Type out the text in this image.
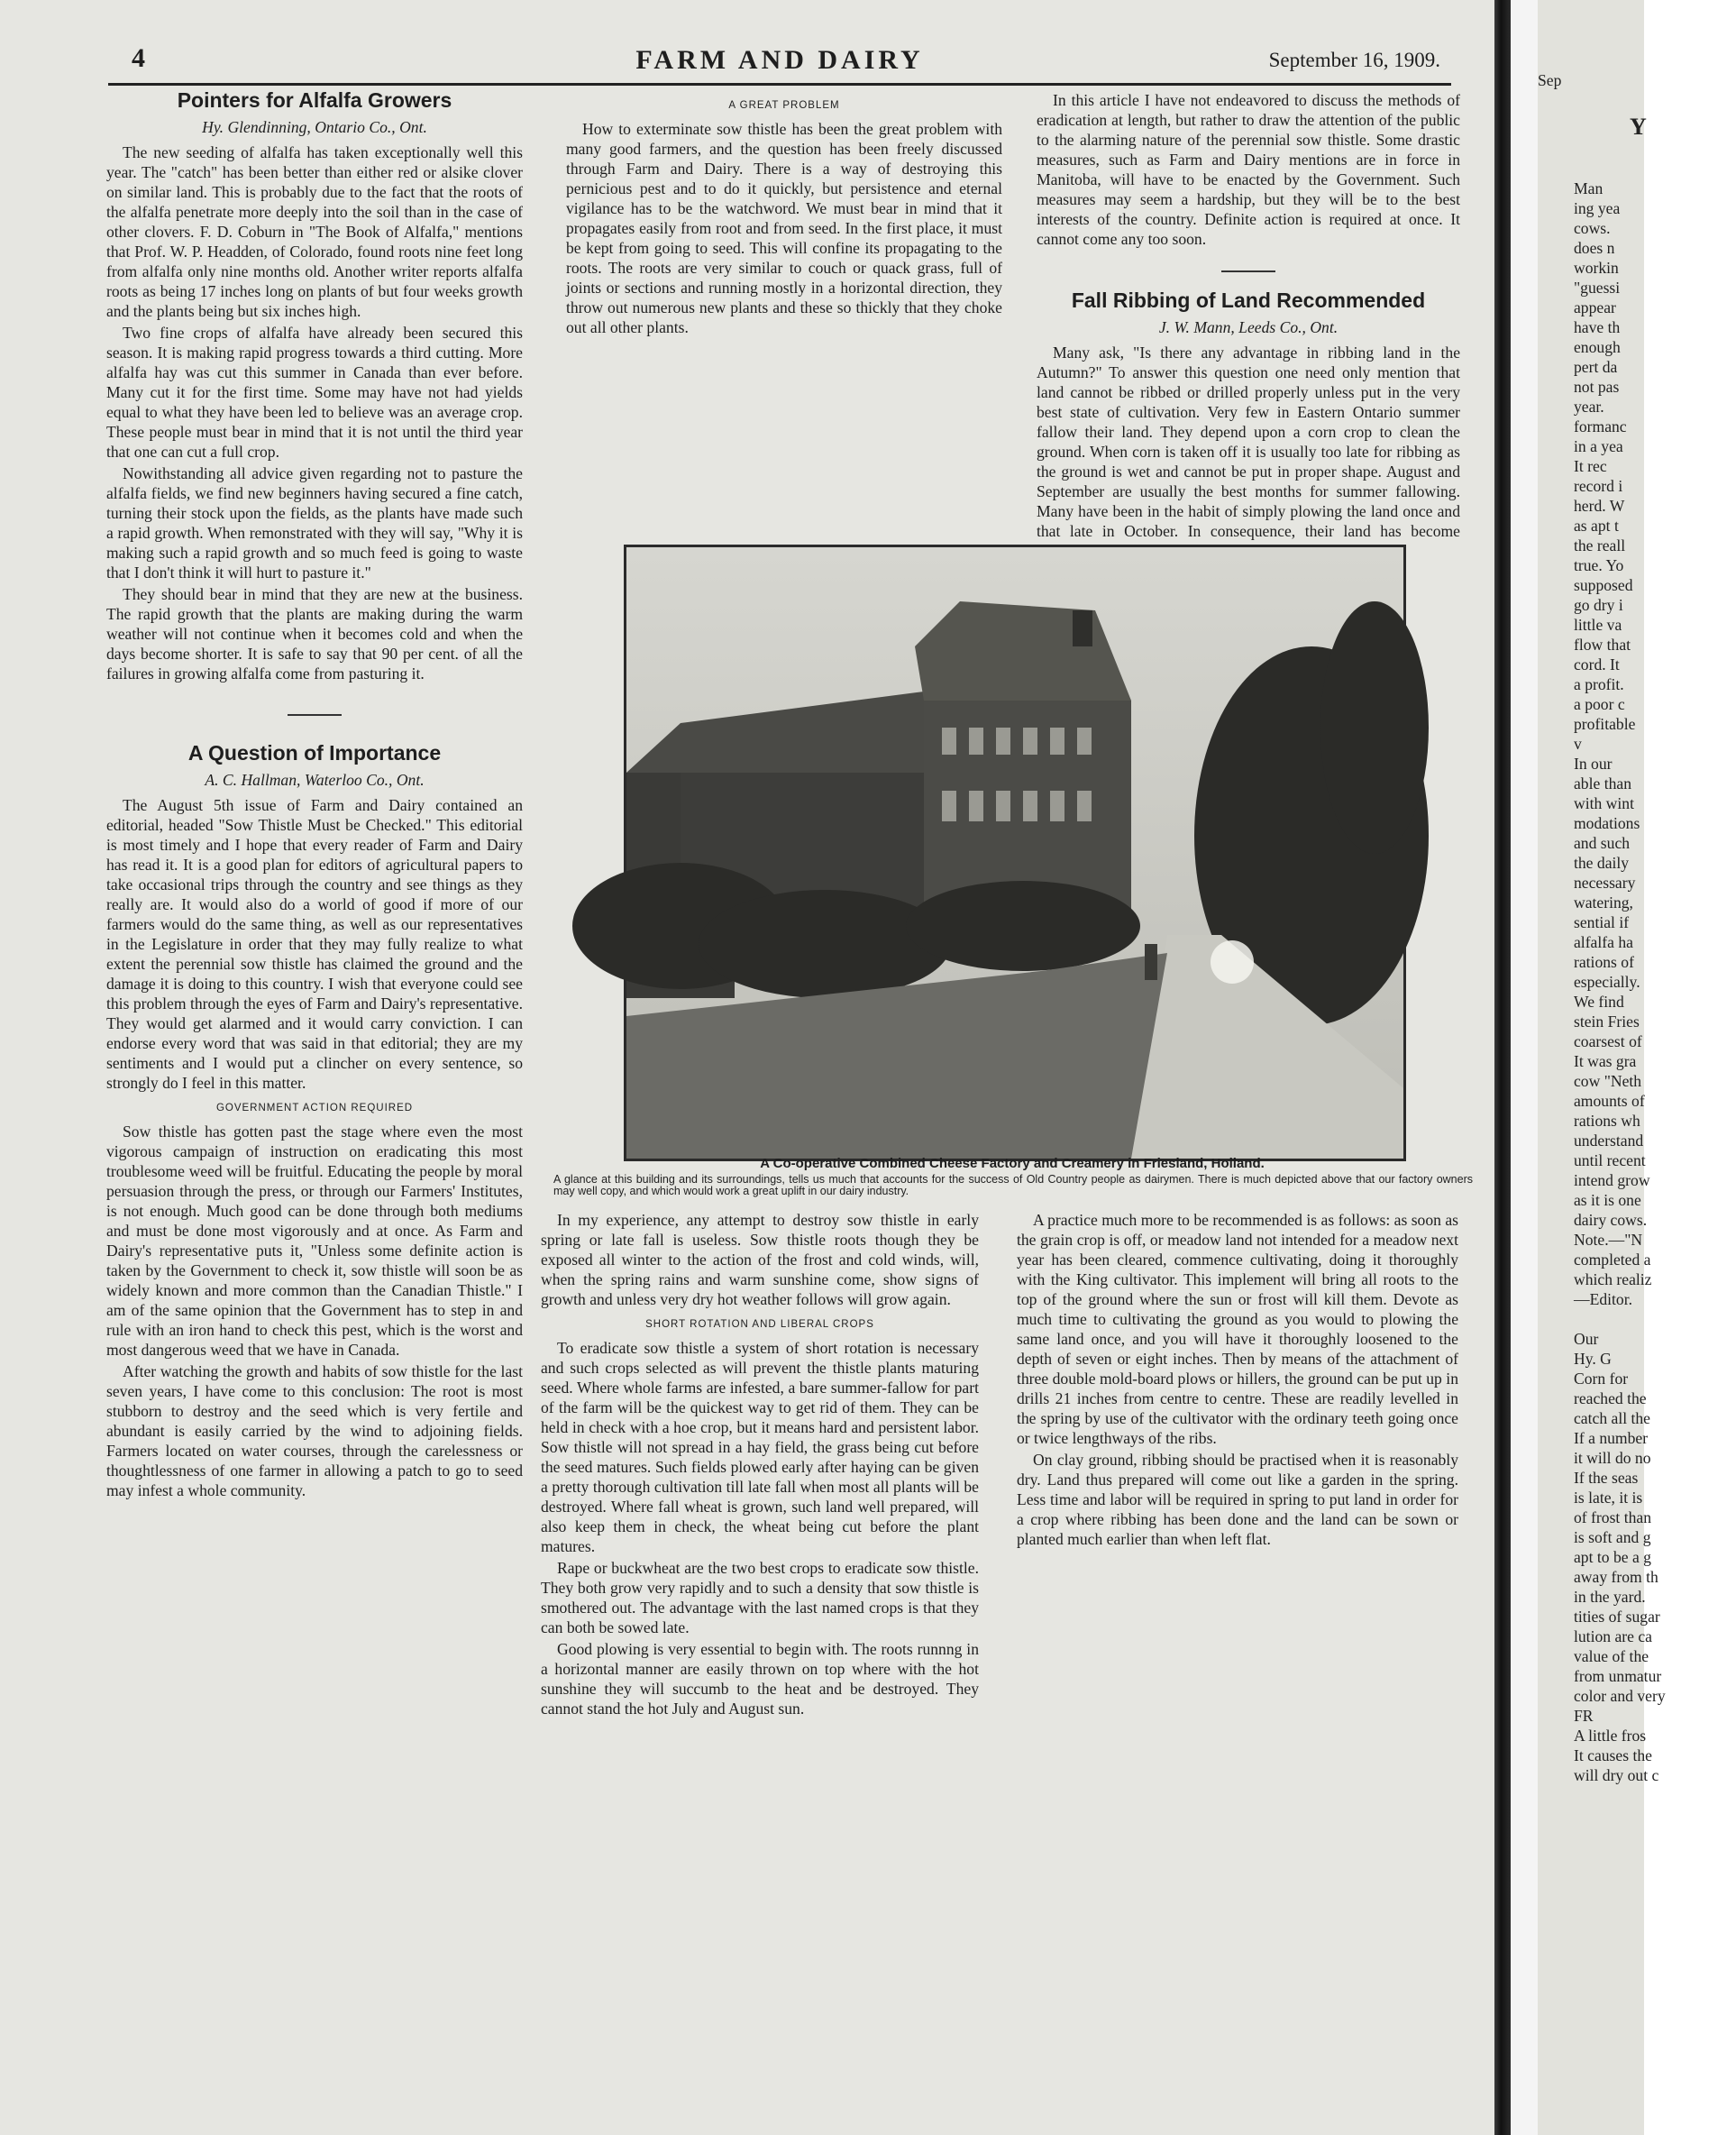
4	FARM AND DAIRY	September 16, 1909.
Pointers for Alfalfa Growers
Hy. Glendinning, Ontario Co., Ont.

The new seeding of alfalfa has taken exceptionally well this year. The "catch" has been better than either red or alsike clover on similar land. This is probably due to the fact that the roots of the alfalfa penetrate more deeply into the soil than in the case of other clovers. F. D. Coburn in "The Book of Alfalfa," mentions that Prof. W. P. Headden, of Colorado, found roots nine feet long from alfalfa only nine months old. Another writer reports alfalfa roots as being 17 inches long on plants of but four weeks growth and the plants being but six inches high.

Two fine crops of alfalfa have already been secured this season. It is making rapid progress towards a third cutting. More alfalfa hay was cut this summer in Canada than ever before. Many cut it for the first time. Some may have not had yields equal to what they have been led to believe was an average crop. These people must bear in mind that it is not until the third year that one can cut a full crop.

Nowithstanding all advice given regarding not to pasture the alfalfa fields, we find new beginners having secured a fine catch, turning their stock upon the fields, as the plants have made such a rapid growth. When remonstrated with they will say, "Why it is making such a rapid growth and so much feed is going to waste that I don't think it will hurt to pasture it."

They should bear in mind that they are new at the business. The rapid growth that the plants are making during the warm weather will not continue when it becomes cold and when the days become shorter. It is safe to say that 90 per cent. of all the failures in growing alfalfa come from pasturing it.

A Question of Importance
A. C. Hallman, Waterloo Co., Ont.

The August 5th issue of Farm and Dairy contained an editorial, headed "Sow Thistle Must be Checked." This editorial is most timely and I hope that every reader of Farm and Dairy has read it. It is a good plan for editors of agricultural papers to take occasional trips through the country and see things as they really are. It would also do a world of good if more of our farmers would do the same thing, as well as our representatives in the Legislature in order that they may fully realize to what extent the perennial sow thistle has claimed the ground and the damage it is doing to this country. I wish that everyone could see this problem through the eyes of Farm and Dairy's representative. They would get alarmed and it would carry conviction. I can endorse every word that was said in that editorial; they are my sentiments and I would put a clincher on every sentence, so strongly do I feel in this matter.

GOVERNMENT ACTION REQUIRED

Sow thistle has gotten past the stage where even the most vigorous campaign of instruction on eradicating this most troublesome weed will be fruitful. Educating the people by moral persuasion through the press, or through our Farmers' Institutes, is not enough. Much good can be done through both mediums and must be done most vigorously and at once. As Farm and Dairy's representative puts it, "Unless some definite action is taken by the Government to check it, sow thistle will soon be as widely known and more common than the Canadian Thistle." I am of the same opinion that the Government has to step in and rule with an iron hand to check this pest, which is the worst and most dangerous weed that we have in Canada.

After watching the growth and habits of sow thistle for the last seven years, I have come to this conclusion: The root is most stubborn to destroy and the seed which is very fertile and abundant is easily carried by the wind to adjoining fields. Farmers located on water courses, through the carelessness or thoughtlessness of one farmer in allowing a patch to go to seed may infest a whole community.

A GREAT PROBLEM

How to exterminate sow thistle has been the great problem with many good farmers, and the question has been freely discussed through Farm and Dairy. There is a way of destroying this pernicious pest and to do it quickly, but persistence and eternal vigilance has to be the watchword. We must bear in mind that it propagates easily from root and from seed. In the first place, it must be kept from going to seed. This will confine its propagating to the roots. The roots are very similar to couch or quack grass, full of joints or sections and running mostly in a horizontal direction, they throw out numerous new plants and these so thickly that they choke out all other plants.

In this article I have not endeavored to discuss the methods of eradication at length, but rather to draw the attention of the public to the alarming nature of the perennial sow thistle. Some drastic measures, such as Farm and Dairy mentions are in force in Manitoba, will have to be enacted by the Government. Such measures may seem a hardship, but they will be to the best interests of the country. Definite action is required at once. It cannot come any too soon.

Fall Ribbing of Land Recommended
J. W. Mann, Leeds Co., Ont.

Many ask, "Is there any advantage in ribbing land in the Autumn?" To answer this question one need only mention that land cannot be ribbed or drilled properly unless put in the very best state of cultivation. Very few in Eastern Ontario summer fallow their land. They depend upon a corn crop to clean the ground. When corn is taken off it is usually too late for ribbing as the ground is wet and cannot be put in proper shape. August and September are usually the best months for summer fallowing. Many have been in the habit of simply plowing the land once and that late in October. In consequence, their land has become

A Co-operative Combined Cheese Factory and Creamery in Friesland, Holland.
A glance at this building and its surroundings, tells us much that accounts for the success of Old Country people as dairymen. There is much depicted above that our factory owners may well copy, and which would work a great uplift in our dairy industry.

In my experience, any attempt to destroy sow thistle in early spring or late fall is useless. Sow thistle roots though they be exposed all winter to the action of the frost and cold winds, will, when the spring rains and warm sunshine come, show signs of growth and unless very dry hot weather follows will grow again.

SHORT ROTATION AND LIBERAL CROPS

To eradicate sow thistle a system of short rotation is necessary and such crops selected as will prevent the thistle plants maturing seed. Where whole farms are infested, a bare summer-fallow for part of the farm will be the quickest way to get rid of them. They can be held in check with a hoe crop, but it means hard and persistent labor. Sow thistle will not spread in a hay field, the grass being cut before the seed matures. Such fields plowed early after haying can be given a pretty thorough cultivation till late fall when most all plants will be destroyed. Where fall wheat is grown, such land well prepared, will also keep them in check, the wheat being cut before the plant matures.

Rape or buckwheat are the two best crops to eradicate sow thistle. They both grow very rapidly and to such a density that sow thistle is smothered out. The advantage with the last named crops is that they can both be sowed late.

Good plowing is very essential to begin with. The roots runnng in a horizontal manner are easily thrown on top where with the hot sunshine they will succumb to the heat and be destroyed. They cannot stand the hot July and August sun.

A practice much more to be recommended is as follows: as soon as the grain crop is off, or meadow land not intended for a meadow next year has been cleared, commence cultivating, doing it thoroughly with the King cultivator. This implement will bring all roots to the top of the ground where the sun or frost will kill them. Devote as much time to cultivating the ground as you would to plowing the same land once, and you will have it thoroughly loosened to the depth of seven or eight inches. Then by means of the attachment of three double mold-board plows or hillers, the ground can be put up in drills 21 inches from centre to centre. These are readily levelled in the spring by use of the cultivator with the ordinary teeth going once or twice lengthways of the ribs.

On clay ground, ribbing should be practised when it is reasonably dry. Land thus prepared will come out like a garden in the spring. Less time and labor will be required in spring to put land in order for a crop where ribbing has been done and the land can be sown or planted much earlier than when left flat.

Sep
Y
Man
ing yea
cows.
does n
workin
"guessi
appear
have th
enough
pert da
not pas
year.
formanc
in a yea
It rec
record i
herd. W
as apt t
the reall
true. Yo
supposed
go dry i
little va
flow that
cord. It
a profit.
a poor c
profitable
v
In our
able than
with wint
modations
and such
the daily
necessary
watering,
sential if
alfalfa ha
rations of
especially.
We find
stein Fries
coarsest of
It was gra
cow "Neth
amounts of
rations wh
understand
until recent
intend grow
as it is one
dairy cows.
Note.—"N
completed a
which realiz
—Editor.

Our
Hy. G
Corn for
reached the
catch all the
If a number
it will do no
If the seas
is late, it is
of frost than
is soft and g
apt to be a g
away from th
in the yard.
tities of sugar
lution are ca
value of the
from unmatur
color and very
FR
A little fros
It causes the
will dry out c
